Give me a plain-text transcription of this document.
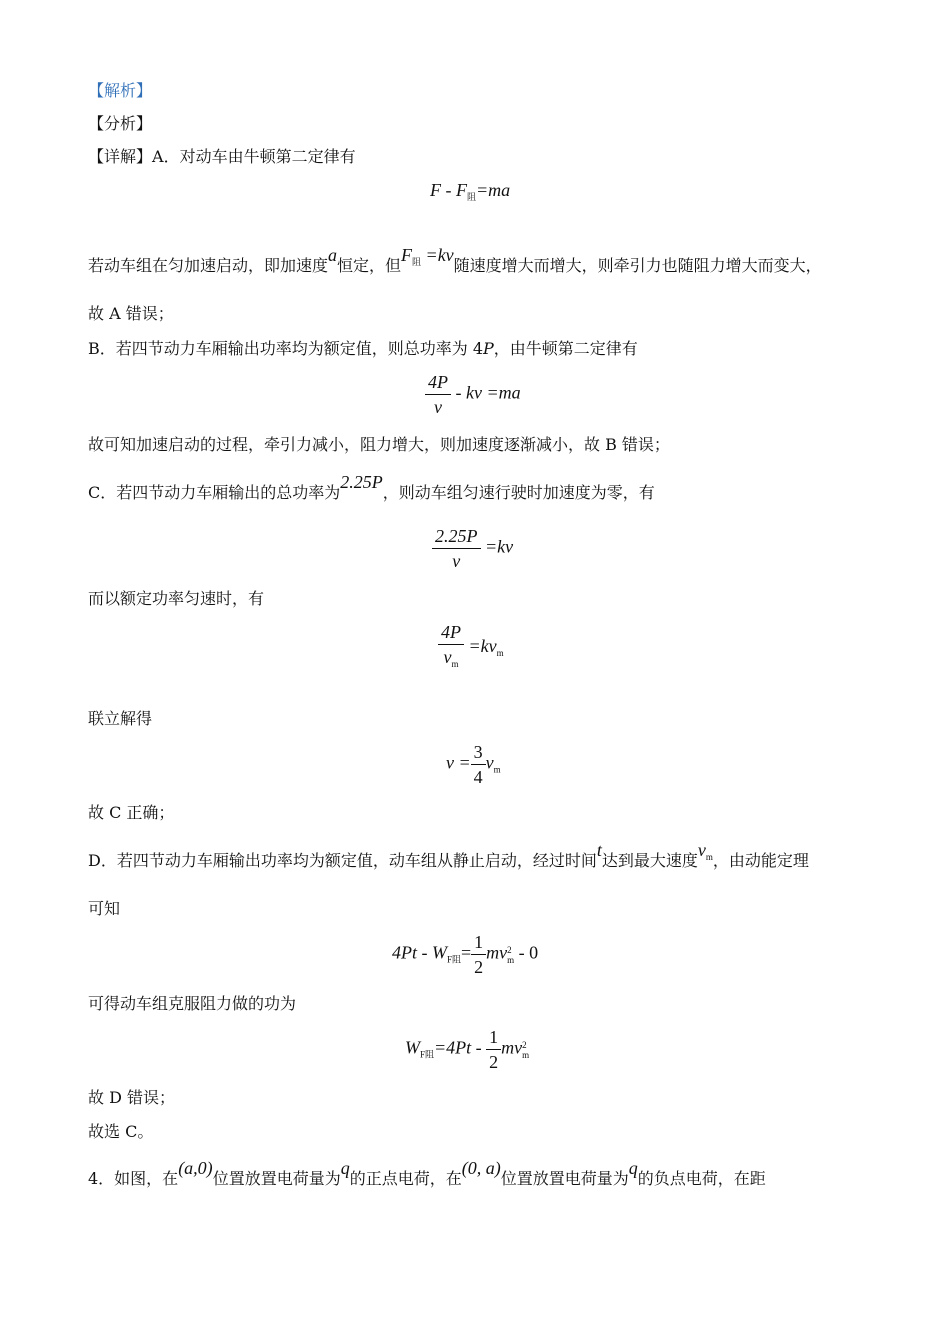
【解析】
【分析】
【详解】A．对动车由牛顿第二定律有
$F - F_阻=ma$
若动车组在匀加速启动，即加速度a恒定，但$F_阻 =kv$随速度增大而增大，则牵引力也随阻力增大而变大，
故 A 错误；
B．若四节动力车厢输出功率均为额定值，则总功率为 4P，由牛顿第二定律有
$\frac{4P}{v}$ - kv =ma
故可知加速启动的过程，牵引力减小，阻力增大，则加速度逐渐减小，故 B 错误；
C．若四节动力车厢输出的总功率为2.25P，则动车组匀速行驶时加速度为零，有
$\frac{2.25P}{v} =kv$
而以额定功率匀速时，有
$\frac{4P}{v_m} =kv_m$
联立解得
$v = \frac{3}{4} v_m$
故 C 正确；
D．若四节动力车厢输出功率均为额定值，动车组从静止启动，经过时间t达到最大速度$v_m$，由动能定理
可知
$4Pt - W_{F阻}= \frac{1}{2}$ mv 2
m - 0
可得动车组克服阻力做的功为
$W_{F阻}=4Pt - \frac{1}{2}$ mv 2
m
故 D 错误；
故选 C。
4．如图，在(a,0)位置放置电荷量为q的正点电荷，在(0, a)位置放置电荷量为q的负点电荷，在距
